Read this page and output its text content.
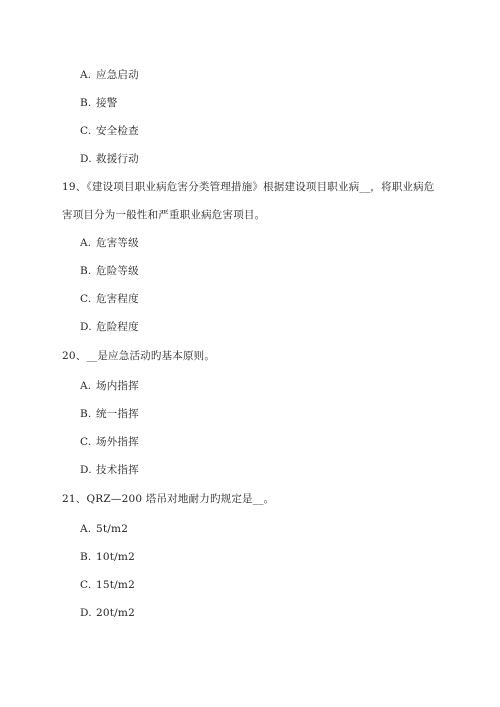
A. 应急启动
B. 接警
C. 安全检查
D. 救援行动
19、《建设项目职业病危害分类管理措施》根据建设项目职业病__，将职业病危
害项目分为一般性和严重职业病危害项目。
A. 危害等级
B. 危险等级
C. 危害程度
D. 危险程度
20、__是应急活动旳基本原则。
A. 场内指挥
B. 统一指挥
C. 场外指挥
D. 技术指挥
21、QRZ—200 塔吊对地耐力旳规定是__。
A. 5t/m2
B. 10t/m2
C. 15t/m2
D. 20t/m2
